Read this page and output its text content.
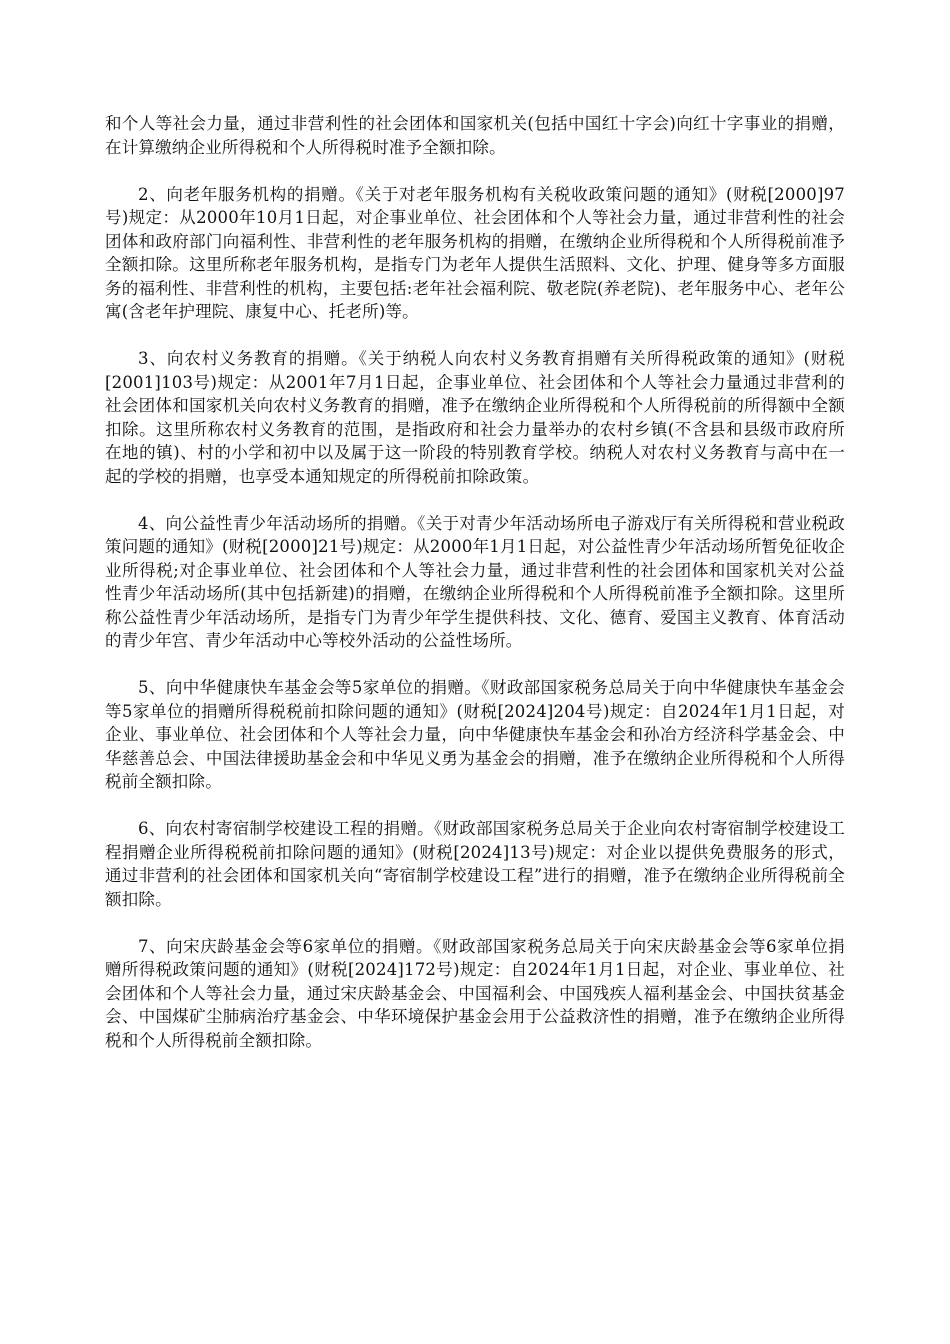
和个人等社会力量，通过非营利性的社会团体和国家机关(包括中国红十字会)向红十字事业的捐赠，在计算缴纳企业所得税和个人所得税时准予全额扣除。

2、向老年服务机构的捐赠。《关于对老年服务机构有关税收政策问题的通知》(财税[2000]97号)规定：从2000年10月1日起，对企事业单位、社会团体和个人等社会力量，通过非营利性的社会团体和政府部门向福利性、非营利性的老年服务机构的捐赠，在缴纳企业所得税和个人所得税前准予全额扣除。这里所称老年服务机构，是指专门为老年人提供生活照料、文化、护理、健身等多方面服务的福利性、非营利性的机构，主要包括:老年社会福利院、敬老院(养老院)、老年服务中心、老年公寓(含老年护理院、康复中心、托老所)等。

3、向农村义务教育的捐赠。《关于纳税人向农村义务教育捐赠有关所得税政策的通知》(财税[2001]103号)规定：从2001年7月1日起，企事业单位、社会团体和个人等社会力量通过非营利的社会团体和国家机关向农村义务教育的捐赠，准予在缴纳企业所得税和个人所得税前的所得额中全额扣除。这里所称农村义务教育的范围，是指政府和社会力量举办的农村乡镇(不含县和县级市政府所在地的镇)、村的小学和初中以及属于这一阶段的特别教育学校。纳税人对农村义务教育与高中在一起的学校的捐赠，也享受本通知规定的所得税前扣除政策。

4、向公益性青少年活动场所的捐赠。《关于对青少年活动场所电子游戏厅有关所得税和营业税政策问题的通知》(财税[2000]21号)规定：从2000年1月1日起，对公益性青少年活动场所暂免征收企业所得税;对企事业单位、社会团体和个人等社会力量，通过非营利性的社会团体和国家机关对公益性青少年活动场所(其中包括新建)的捐赠，在缴纳企业所得税和个人所得税前准予全额扣除。这里所称公益性青少年活动场所，是指专门为青少年学生提供科技、文化、德育、爱国主义教育、体育活动的青少年宫、青少年活动中心等校外活动的公益性场所。

5、向中华健康快车基金会等5家单位的捐赠。《财政部国家税务总局关于向中华健康快车基金会等5家单位的捐赠所得税税前扣除问题的通知》(财税[2024]204号)规定：自2024年1月1日起，对企业、事业单位、社会团体和个人等社会力量，向中华健康快车基金会和孙冶方经济科学基金会、中华慈善总会、中国法律援助基金会和中华见义勇为基金会的捐赠，准予在缴纳企业所得税和个人所得税前全额扣除。

6、向农村寄宿制学校建设工程的捐赠。《财政部国家税务总局关于企业向农村寄宿制学校建设工程捐赠企业所得税税前扣除问题的通知》(财税[2024]13号)规定：对企业以提供免费服务的形式，通过非营利的社会团体和国家机关向“寄宿制学校建设工程”进行的捐赠，准予在缴纳企业所得税前全额扣除。

7、向宋庆龄基金会等6家单位的捐赠。《财政部国家税务总局关于向宋庆龄基金会等6家单位捐赠所得税政策问题的通知》(财税[2024]172号)规定：自2024年1月1日起，对企业、事业单位、社会团体和个人等社会力量，通过宋庆龄基金会、中国福利会、中国残疾人福利基金会、中国扶贫基金会、中国煤矿尘肺病治疗基金会、中华环境保护基金会用于公益救济性的捐赠，准予在缴纳企业所得税和个人所得税前全额扣除。
